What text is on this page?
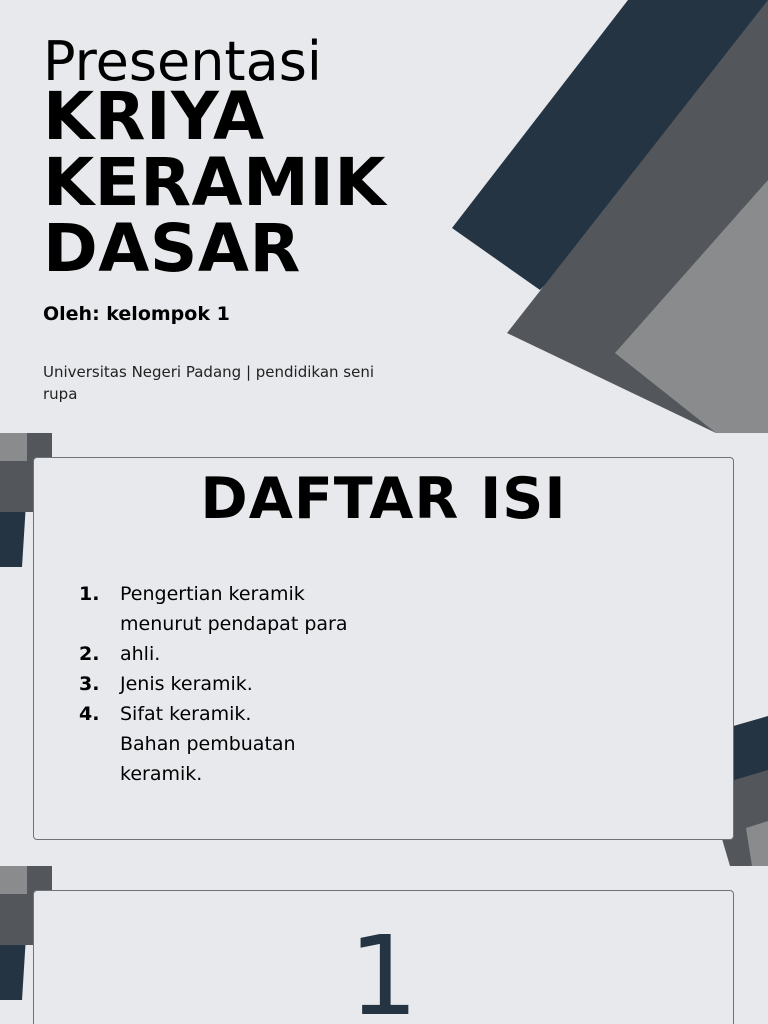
Presentasi
KRIYA
KERAMIK
DASAR
Oleh: kelompok 1
Universitas Negeri Padang | pendidikan seni rupa
DAFTAR ISI
1.
2.
3.
4.
Pengertian keramik
menurut pendapat para
ahli.
Jenis keramik.
Sifat keramik.
Bahan pembuatan
keramik.
1
